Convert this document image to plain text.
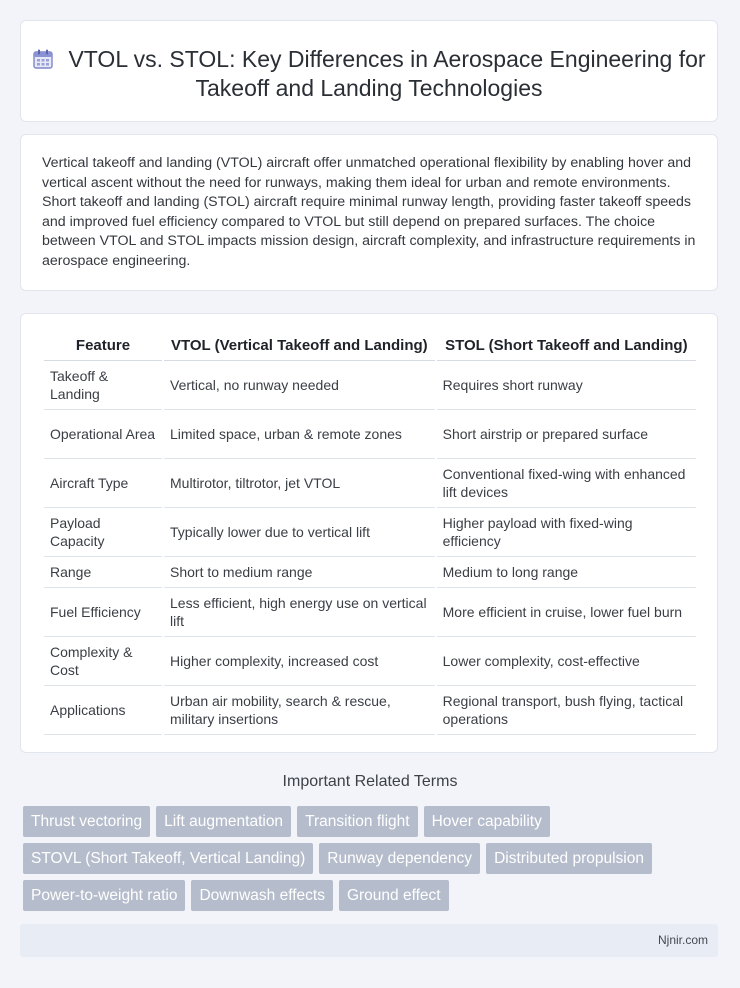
VTOL vs. STOL: Key Differences in Aerospace Engineering for Takeoff and Landing Technologies

Vertical takeoff and landing (VTOL) aircraft offer unmatched operational flexibility by enabling hover and vertical ascent without the need for runways, making them ideal for urban and remote environments. Short takeoff and landing (STOL) aircraft require minimal runway length, providing faster takeoff speeds and improved fuel efficiency compared to VTOL but still depend on prepared surfaces. The choice between VTOL and STOL impacts mission design, aircraft complexity, and infrastructure requirements in aerospace engineering.

Feature	VTOL (Vertical Takeoff and Landing)	STOL (Short Takeoff and Landing)
Takeoff & Landing	Vertical, no runway needed	Requires short runway
Operational Area	Limited space, urban & remote zones	Short airstrip or prepared surface
Aircraft Type	Multirotor, tiltrotor, jet VTOL	Conventional fixed-wing with enhanced lift devices
Payload Capacity	Typically lower due to vertical lift	Higher payload with fixed-wing efficiency
Range	Short to medium range	Medium to long range
Fuel Efficiency	Less efficient, high energy use on vertical lift	More efficient in cruise, lower fuel burn
Complexity & Cost	Higher complexity, increased cost	Lower complexity, cost-effective
Applications	Urban air mobility, search & rescue, military insertions	Regional transport, bush flying, tactical operations
Important Related Terms
Thrust vectoring	Lift augmentation	Transition flight	Hover capability
STOVL (Short Takeoff, Vertical Landing)	Runway dependency	Distributed propulsion
Power-to-weight ratio	Downwash effects	Ground effect
Njnir.com
